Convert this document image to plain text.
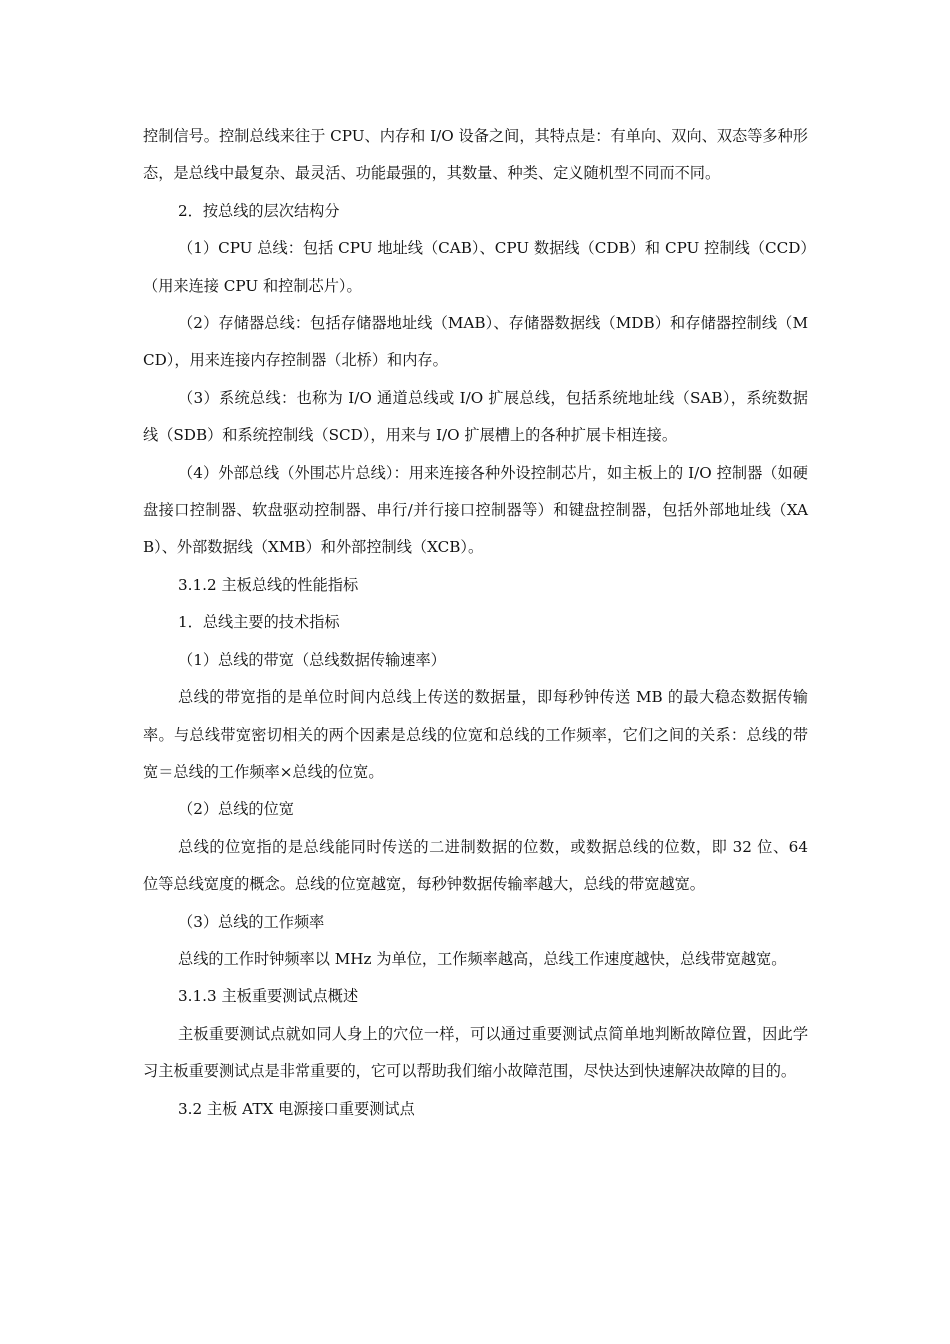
控制信号。控制总线来往于 CPU、内存和 I/O 设备之间，其特点是：有单向、双向、双态等多种形态，是总线中最复杂、最灵活、功能最强的，其数量、种类、定义随机型不同而不同。

2．按总线的层次结构分

（1）CPU 总线：包括 CPU 地址线（CAB）、CPU 数据线（CDB）和 CPU 控制线（CCD）（用来连接 CPU 和控制芯片）。

（2）存储器总线：包括存储器地址线（MAB）、存储器数据线（MDB）和存储器控制线（MCD），用来连接内存控制器（北桥）和内存。

（3）系统总线：也称为 I/O 通道总线或 I/O 扩展总线，包括系统地址线（SAB），系统数据线（SDB）和系统控制线（SCD），用来与 I/O 扩展槽上的各种扩展卡相连接。

（4）外部总线（外围芯片总线）：用来连接各种外设控制芯片，如主板上的 I/O 控制器（如硬盘接口控制器、软盘驱动控制器、串行/并行接口控制器等）和键盘控制器，包括外部地址线（XAB）、外部数据线（XMB）和外部控制线（XCB）。

3.1.2 主板总线的性能指标

1．总线主要的技术指标

（1）总线的带宽（总线数据传输速率）

总线的带宽指的是单位时间内总线上传送的数据量，即每秒钟传送 MB 的最大稳态数据传输率。与总线带宽密切相关的两个因素是总线的位宽和总线的工作频率，它们之间的关系：总线的带宽＝总线的工作频率×总线的位宽。

（2）总线的位宽

总线的位宽指的是总线能同时传送的二进制数据的位数，或数据总线的位数，即 32 位、64 位等总线宽度的概念。总线的位宽越宽，每秒钟数据传输率越大，总线的带宽越宽。

（3）总线的工作频率

总线的工作时钟频率以 MHz 为单位，工作频率越高，总线工作速度越快，总线带宽越宽。

3.1.3 主板重要测试点概述

主板重要测试点就如同人身上的穴位一样，可以通过重要测试点简单地判断故障位置，因此学习主板重要测试点是非常重要的，它可以帮助我们缩小故障范围，尽快达到快速解决故障的目的。

3.2 主板 ATX 电源接口重要测试点
